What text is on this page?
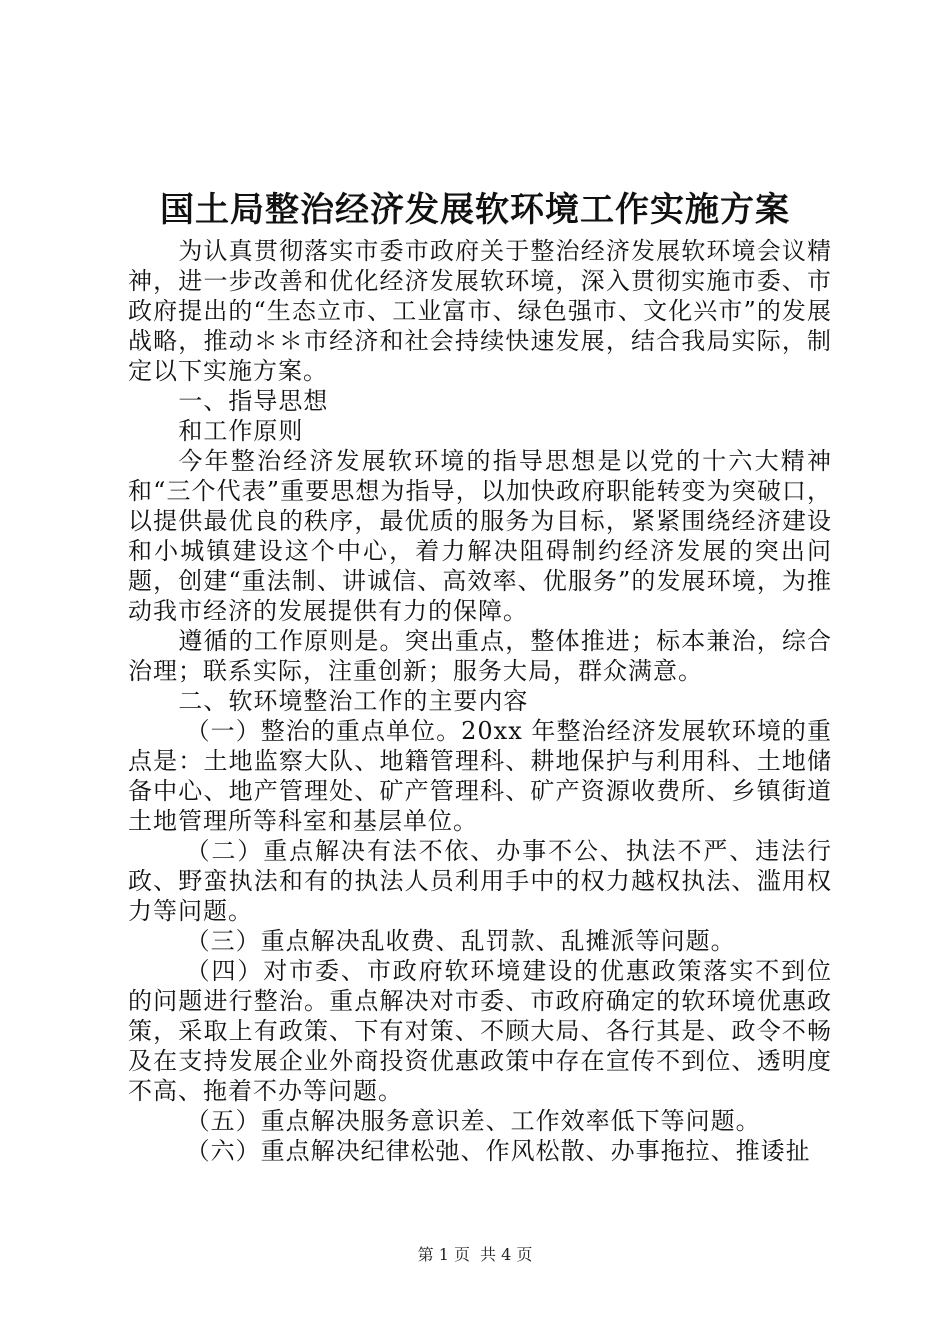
国土局整治经济发展软环境工作实施方案

为认真贯彻落实市委市政府关于整治经济发展软环境会议精神，进一步改善和优化经济发展软环境，深入贯彻实施市委、市政府提出的“生态立市、工业富市、绿色强市、文化兴市”的发展战略，推动＊＊市经济和社会持续快速发展，结合我局实际，制定以下实施方案。

一、指导思想

和工作原则

今年整治经济发展软环境的指导思想是以党的十六大精神和“三个代表”重要思想为指导，以加快政府职能转变为突破口，以提供最优良的秩序，最优质的服务为目标，紧紧围绕经济建设和小城镇建设这个中心，着力解决阻碍制约经济发展的突出问题，创建“重法制、讲诚信、高效率、优服务”的发展环境，为推动我市经济的发展提供有力的保障。

遵循的工作原则是。突出重点，整体推进；标本兼治，综合治理；联系实际，注重创新；服务大局，群众满意。

二、软环境整治工作的主要内容

（一）整治的重点单位。20xx 年整治经济发展软环境的重点是：土地监察大队、地籍管理科、耕地保护与利用科、土地储备中心、地产管理处、矿产管理科、矿产资源收费所、乡镇街道土地管理所等科室和基层单位。

（二）重点解决有法不依、办事不公、执法不严、违法行政、野蛮执法和有的执法人员利用手中的权力越权执法、滥用权力等问题。

（三）重点解决乱收费、乱罚款、乱摊派等问题。

（四）对市委、市政府软环境建设的优惠政策落实不到位的问题进行整治。重点解决对市委、市政府确定的软环境优惠政策，采取上有政策、下有对策、不顾大局、各行其是、政令不畅及在支持发展企业外商投资优惠政策中存在宣传不到位、透明度不高、拖着不办等问题。

（五）重点解决服务意识差、工作效率低下等问题。

（六）重点解决纪律松弛、作风松散、办事拖拉、推诿扯

第 1 页 共 4 页
